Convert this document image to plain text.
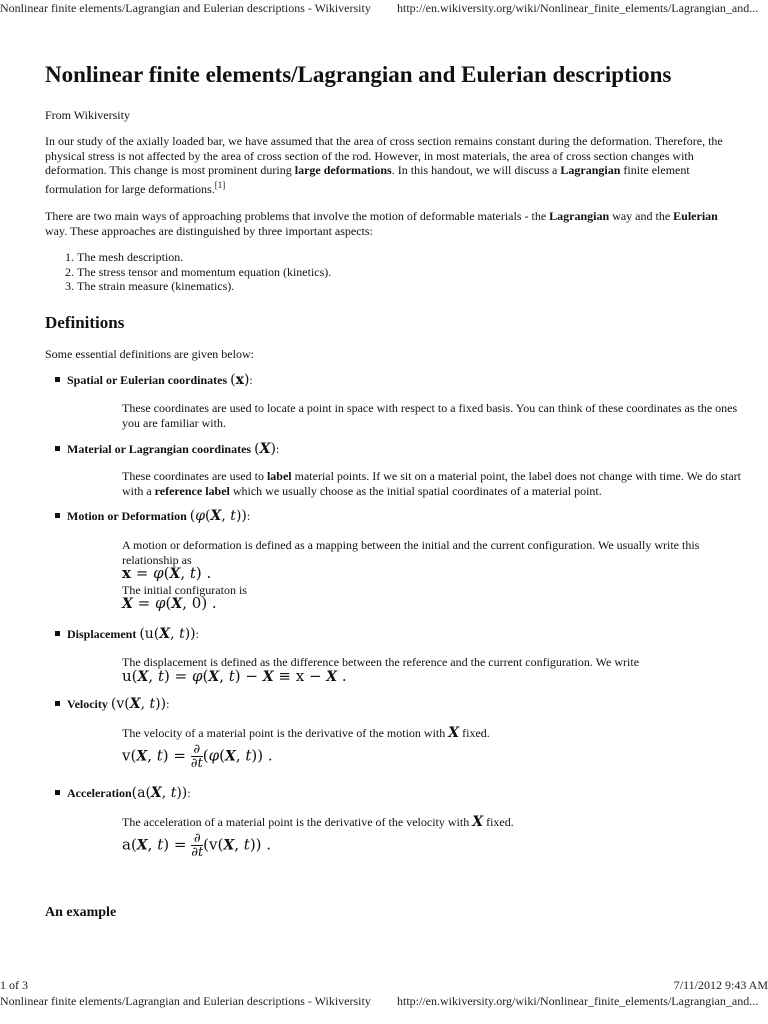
Nonlinear finite elements/Lagrangian and Eulerian descriptions - Wikiversity http://en.wikiversity.org/wiki/Nonlinear_finite_elements/Lagrangian_and...
Nonlinear finite elements/Lagrangian and Eulerian descriptions

From Wikiversity

In our study of the axially loaded bar, we have assumed that the area of cross section remains constant during the deformation. Therefore, the physical stress is not affected by the area of cross section of the rod. However, in most materials, the area of cross section changes with deformation. This change is most prominent during large deformations. In this handout, we will discuss a Lagrangian finite element formulation for large deformations.[1]

There are two main ways of approaching problems that involve the motion of deformable materials - the Lagrangian way and the Eulerian way. These approaches are distinguished by three important aspects:

1. The mesh description.
2. The stress tensor and momentum equation (kinetics).
3. The strain measure (kinematics).
Definitions

Some essential definitions are given below:

Spatial or Eulerian coordinates (x):

These coordinates are used to locate a point in space with respect to a fixed basis. You can think of these coordinates as the ones you are familiar with.

Material or Lagrangian coordinates (X):

These coordinates are used to label material points. If we sit on a material point, the label does not change with time. We do start with a reference label which we usually choose as the initial spatial coordinates of a material point.

Motion or Deformation (φ(X, t)):

A motion or deformation is defined as a mapping between the initial and the current configuration. We usually write this relationship as

x = φ(X, t) .

The initial configuraton is

X = φ(X, 0) .
Displacement (u(X, t)):

The displacement is defined as the difference between the reference and the current configuration. We write

u(X, t) = φ(X, t) − X ≡ x − X .
Velocity (v(X, t)):

The velocity of a material point is the derivative of the motion with X fixed.

v(X, $t) = \frac{\partial}{\partial t} (\varphi(X$, t)) .
Acceleration(a(X, t)):

The acceleration of a material point is the derivative of the velocity with X fixed.

a(X, $t) = \frac{\partial}{\partial t} (v(X$, t)) .
An example
1 of 3	7/11/2012 9:43 AM
Nonlinear finite elements/Lagrangian and Eulerian descriptions - Wikiversity http://en.wikiversity.org/wiki/Nonlinear_finite_elements/Lagrangian_and...
